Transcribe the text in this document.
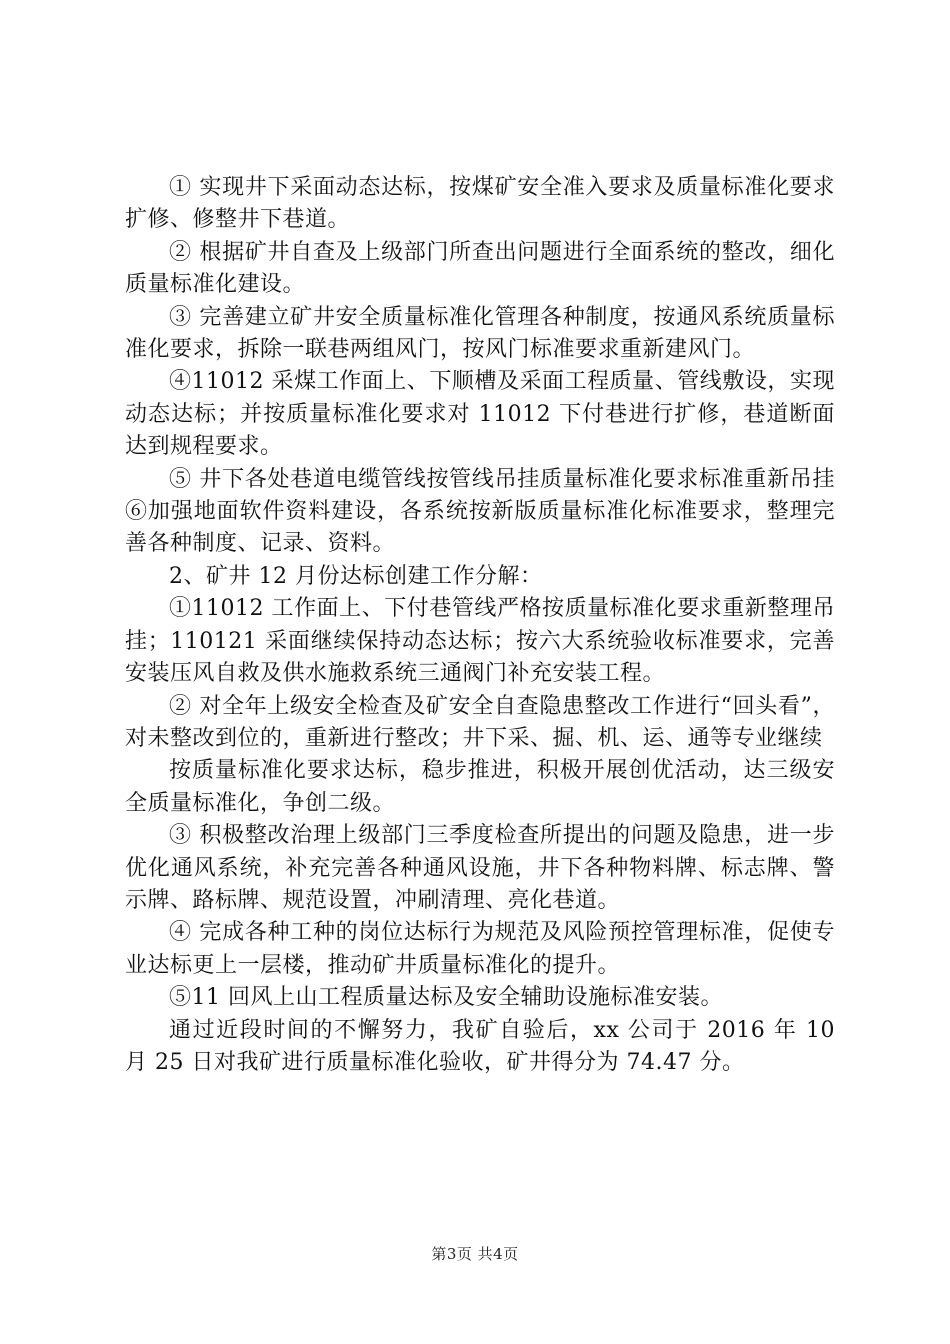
① 实现井下采面动态达标，按煤矿安全准入要求及质量标准化要求扩修、修整井下巷道。

② 根据矿井自查及上级部门所查出问题进行全面系统的整改，细化质量标准化建设。

③ 完善建立矿井安全质量标准化管理各种制度，按通风系统质量标准化要求，拆除一联巷两组风门，按风门标准要求重新建风门。

④11012 采煤工作面上、下顺槽及采面工程质量、管线敷设，实现动态达标；并按质量标准化要求对 11012 下付巷进行扩修，巷道断面达到规程要求。

⑤ 井下各处巷道电缆管线按管线吊挂质量标准化要求标准重新吊挂⑥加强地面软件资料建设，各系统按新版质量标准化标准要求，整理完善各种制度、记录、资料。

2、矿井 12 月份达标创建工作分解：

①11012 工作面上、下付巷管线严格按质量标准化要求重新整理吊挂；110121 采面继续保持动态达标；按六大系统验收标准要求，完善安装压风自救及供水施救系统三通阀门补充安装工程。

② 对全年上级安全检查及矿安全自查隐患整改工作进行“回头看”，对未整改到位的，重新进行整改；井下采、掘、机、运、通等专业继续

按质量标准化要求达标，稳步推进，积极开展创优活动，达三级安全质量标准化，争创二级。

③ 积极整改治理上级部门三季度检查所提出的问题及隐患，进一步优化通风系统，补充完善各种通风设施，井下各种物料牌、标志牌、警示牌、路标牌、规范设置，冲刷清理、亮化巷道。

④ 完成各种工种的岗位达标行为规范及风险预控管理标准，促使专业达标更上一层楼，推动矿井质量标准化的提升。

⑤11 回风上山工程质量达标及安全辅助设施标准安装。

通过近段时间的不懈努力，我矿自验后，xx 公司于 2016 年 10 月 25 日对我矿进行质量标准化验收，矿井得分为 74.47 分。

第3页 共4页
